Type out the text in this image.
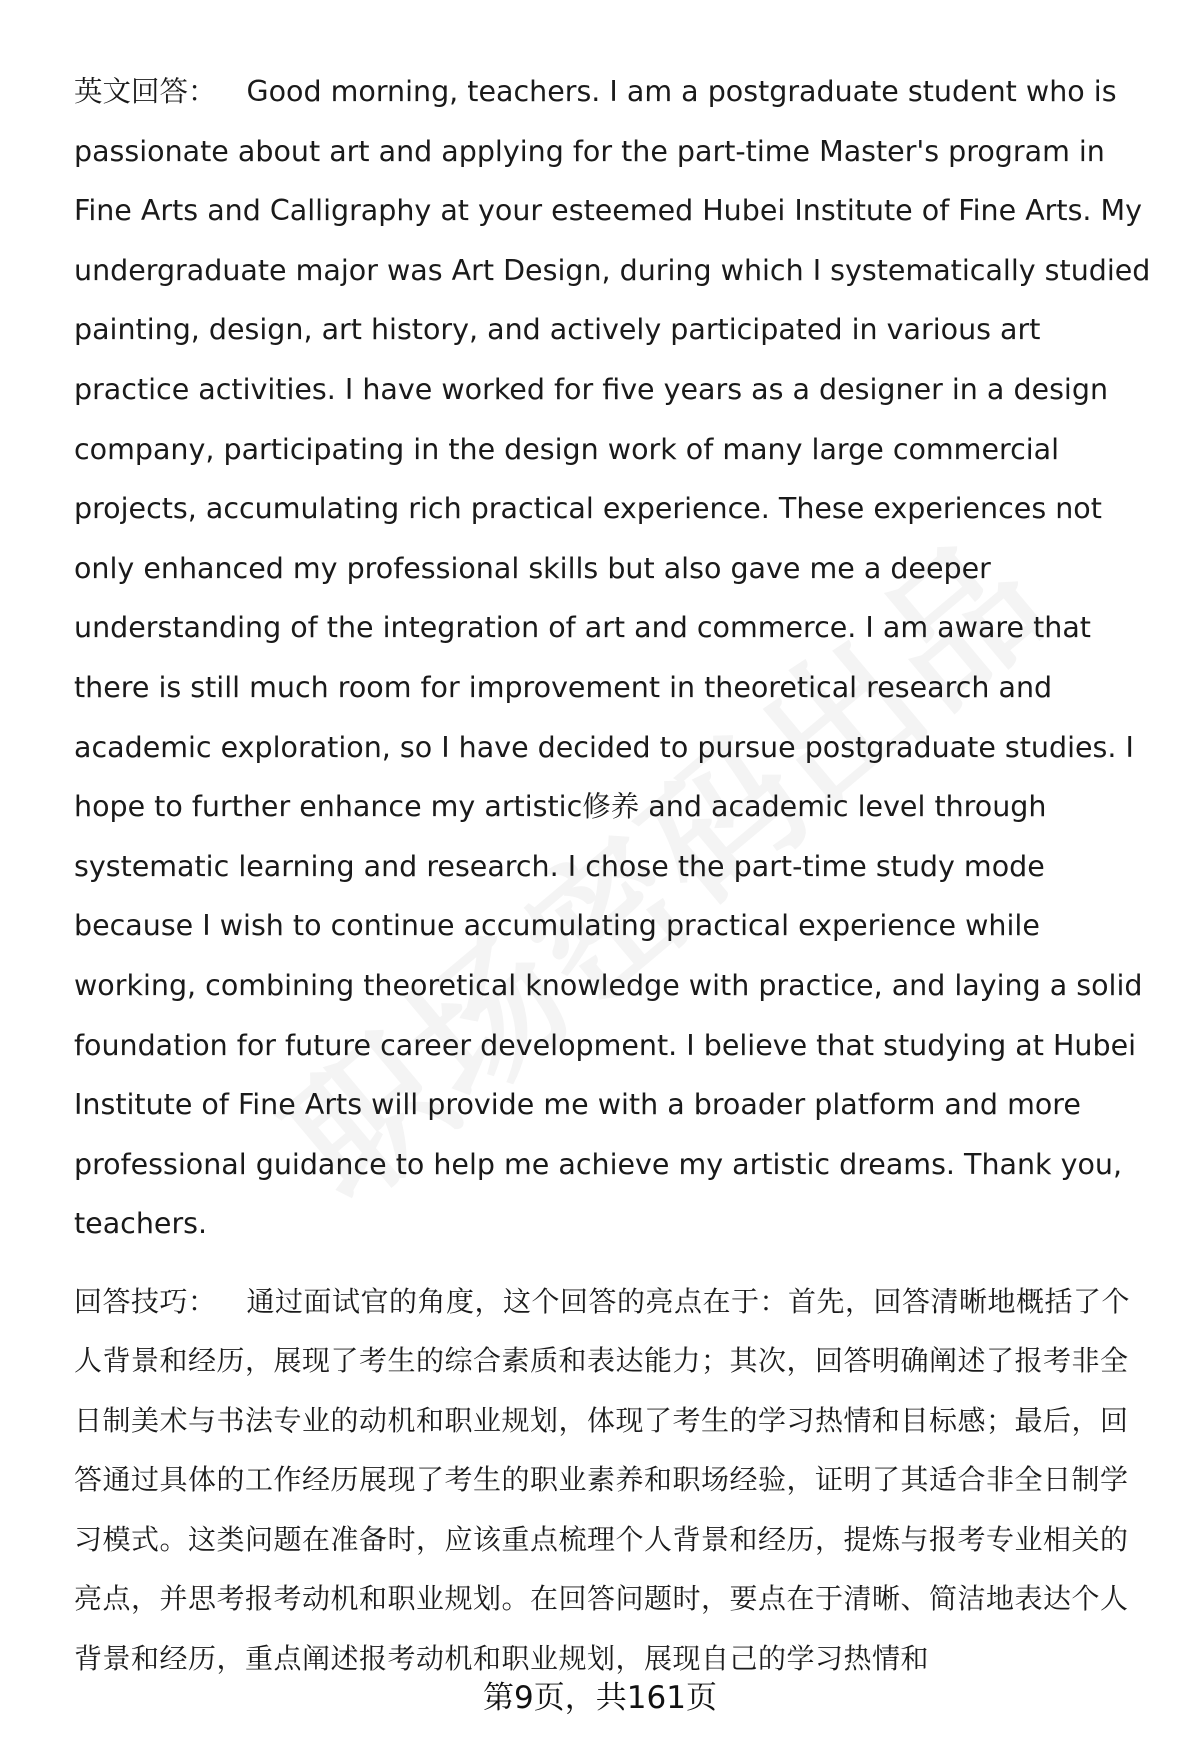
英文回答： Good morning, teachers. I am a postgraduate student who is passionate about art and applying for the part-time Master's program in Fine Arts and Calligraphy at your esteemed Hubei Institute of Fine Arts. My undergraduate major was Art Design, during which I systematically studied painting, design, art history, and actively participated in various art practice activities. I have worked for five years as a designer in a design company, participating in the design work of many large commercial projects, accumulating rich practical experience. These experiences not only enhanced my professional skills but also gave me a deeper understanding of the integration of art and commerce. I am aware that there is still much room for improvement in theoretical research and academic exploration, so I have decided to pursue postgraduate studies. I hope to further enhance my artistic修养 and academic level through systematic learning and research. I chose the part-time study mode because I wish to continue accumulating practical experience while working, combining theoretical knowledge with practice, and laying a solid foundation for future career development. I believe that studying at Hubei Institute of Fine Arts will provide me with a broader platform and more professional guidance to help me achieve my artistic dreams. Thank you, teachers.

回答技巧： 通过面试官的角度，这个回答的亮点在于：首先，回答清晰地概括了个人背景和经历，展现了考生的综合素质和表达能力；其次，回答明确阐述了报考非全日制美术与书法专业的动机和职业规划，体现了考生的学习热情和目标感；最后，回答通过具体的工作经历展现了考生的职业素养和职场经验，证明了其适合非全日制学习模式。这类问题在准备时，应该重点梳理个人背景和经历，提炼与报考专业相关的亮点，并思考报考动机和职业规划。在回答问题时，要点在于清晰、简洁地表达个人背景和经历，重点阐述报考动机和职业规划，展现自己的学习热情和

第9页，共161页
